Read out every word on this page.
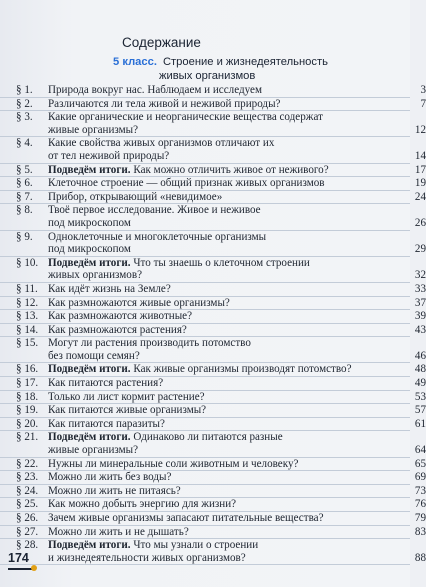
Содержание
5 класс. Строение и жизнедеятельность
живых организмов
§ 1. Природа вокруг нас. Наблюдаем и исследуем	3
§ 2. Различаются ли тела живой и неживой природы?	7
§ 3. Какие органические и неорганические вещества содержат
живые организмы?	12
§ 4. Какие свойства живых организмов отличают их
от тел неживой природы?	14
§ 5. Подведём итоги. Как можно отличить живое от неживого?	17
§ 6. Клеточное строение — общий признак живых организмов	19
§ 7. Прибор, открывающий «невидимое»	24
§ 8. Твоё первое исследование. Живое и неживое
под микроскопом	26
§ 9. Одноклеточные и многоклеточные организмы
под микроскопом	29
§ 10. Подведём итоги. Что ты знаешь о клеточном строении
живых организмов?	32
§ 11. Как идёт жизнь на Земле?	33
§ 12. Как размножаются живые организмы?	37
§ 13. Как размножаются животные?	39
§ 14. Как размножаются растения?	43
§ 15. Могут ли растения производить потомство
без помощи семян?	46
§ 16. Подведём итоги. Как живые организмы производят потомство?	48
§ 17. Как питаются растения?	49
§ 18. Только ли лист кормит растение?	53
§ 19. Как питаются живые организмы?	57
§ 20. Как питаются паразиты?	61
§ 21. Подведём итоги. Одинаково ли питаются разные
живые организмы?	64
§ 22. Нужны ли минеральные соли животным и человеку?	65
§ 23. Можно ли жить без воды?	69
§ 24. Можно ли жить не питаясь?	73
§ 25. Как можно добыть энергию для жизни?	76
§ 26. Зачем живые организмы запасают питательные вещества?	79
§ 27. Можно ли жить и не дышать?	83
§ 28. Подведём итоги. Что мы узнали о строении
и жизнедеятельности живых организмов?	88
174
